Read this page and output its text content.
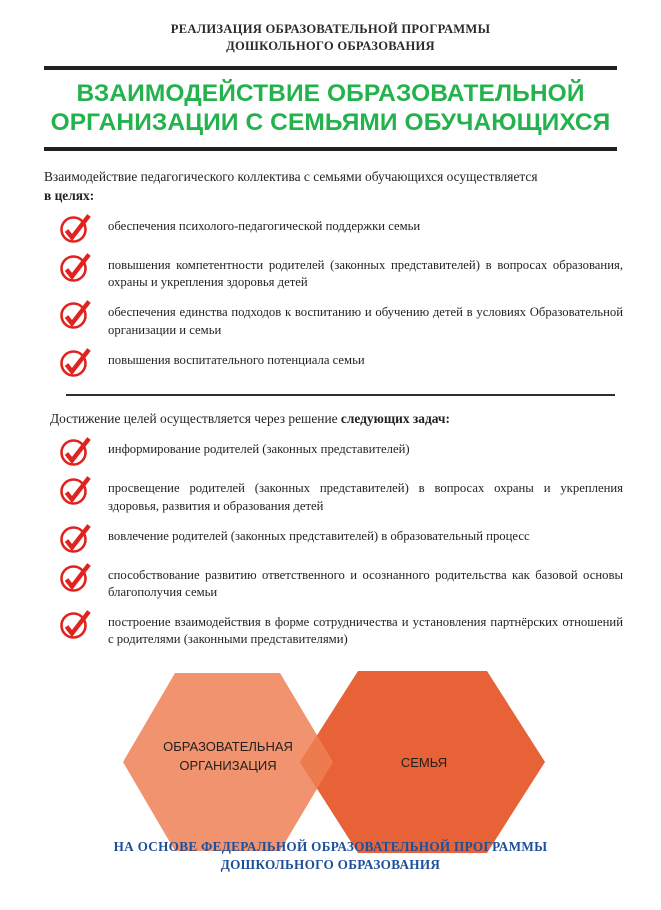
РЕАЛИЗАЦИЯ ОБРАЗОВАТЕЛЬНОЙ ПРОГРАММЫ
ДОШКОЛЬНОГО ОБРАЗОВАНИЯ
ВЗАИМОДЕЙСТВИЕ ОБРАЗОВАТЕЛЬНОЙ
ОРГАНИЗАЦИИ С СЕМЬЯМИ ОБУЧАЮЩИХСЯ
Взаимодействие педагогического коллектива с семьями обучающихся осуществляется
в целях:
обеспечения психолого-педагогической поддержки семьи
повышения компетентности родителей (законных представителей) в вопросах образования, охраны и укрепления здоровья детей
обеспечения единства подходов к воспитанию и обучению детей в условиях Образовательной организации и семьи
повышения воспитательного потенциала семьи
Достижение целей осуществляется через решение следующих задач:
информирование родителей (законных представителей)
просвещение родителей (законных представителей) в вопросах охраны и укрепления здоровья, развития и образования детей
вовлечение родителей (законных представителей) в образовательный процесс
способствование развитию ответственного и осознанного родительства как базовой основы благополучия семьи
построение взаимодействия в форме сотрудничества и установления партнёрских отношений с родителями (законными представителями)
ОБРАЗОВАТЕЛЬНАЯ
ОРГАНИЗАЦИЯ	СЕМЬЯ
НА ОСНОВЕ ФЕДЕРАЛЬНОЙ ОБРАЗОВАТЕЛЬНОЙ ПРОГРАММЫ
ДОШКОЛЬНОГО ОБРАЗОВАНИЯ
